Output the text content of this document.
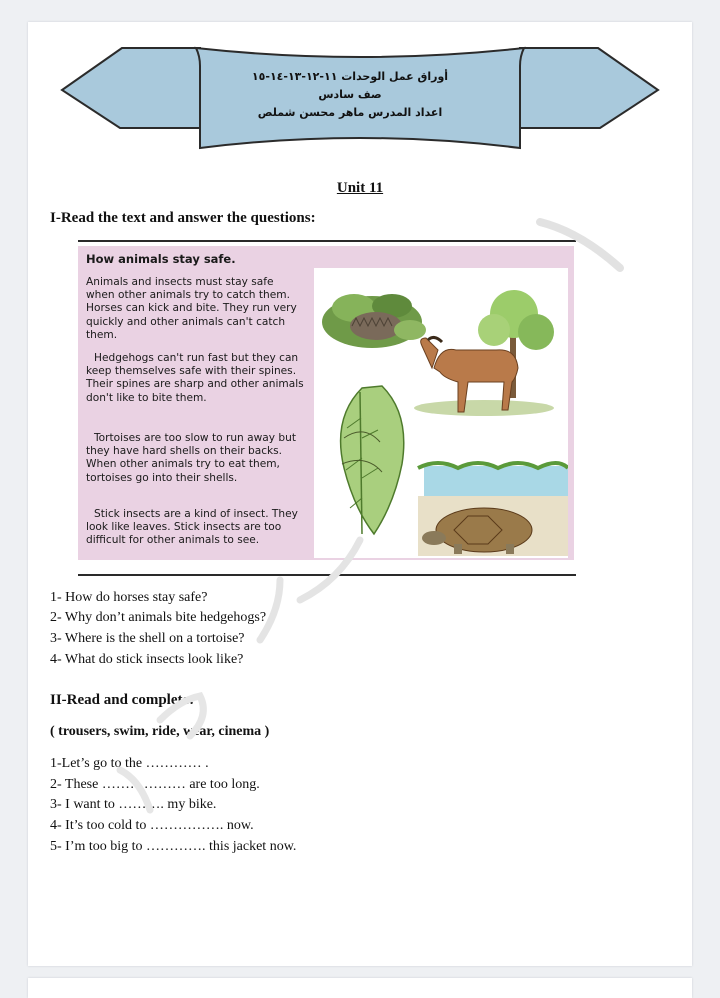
أوراق عمل الوحدات ١١-١٢-١٣-١٤-١٥
صف سادس
اعداد المدرس ماهر محسن شملص
Unit 11
I-Read the text and answer the questions:
How animals stay safe.

Animals and insects must stay safe when other animals try to catch them. Horses can kick and bite. They run very quickly and other animals can't catch them.

Hedgehogs can't run fast but they can keep themselves safe with their spines. Their spines are sharp and other animals don't like to bite them.

Tortoises are too slow to run away but they have hard shells on their backs. When other animals try to eat them, tortoises go into their shells.

Stick insects are a kind of insect. They look like leaves. Stick insects are too difficult for other animals to see.

1- How do horses stay safe?
2- Why don’t animals bite hedgehogs?
3- Where is the shell on a tortoise?
4- What do stick insects look like?
II-Read and complete:
( trousers, swim, ride, wear, cinema )
1-Let’s go to the ………… .
2- These ……………… are too long.
3- I want to ………. my bike.
4- It’s too cold to ……………. now.
5- I’m too big to …………. this jacket now.
